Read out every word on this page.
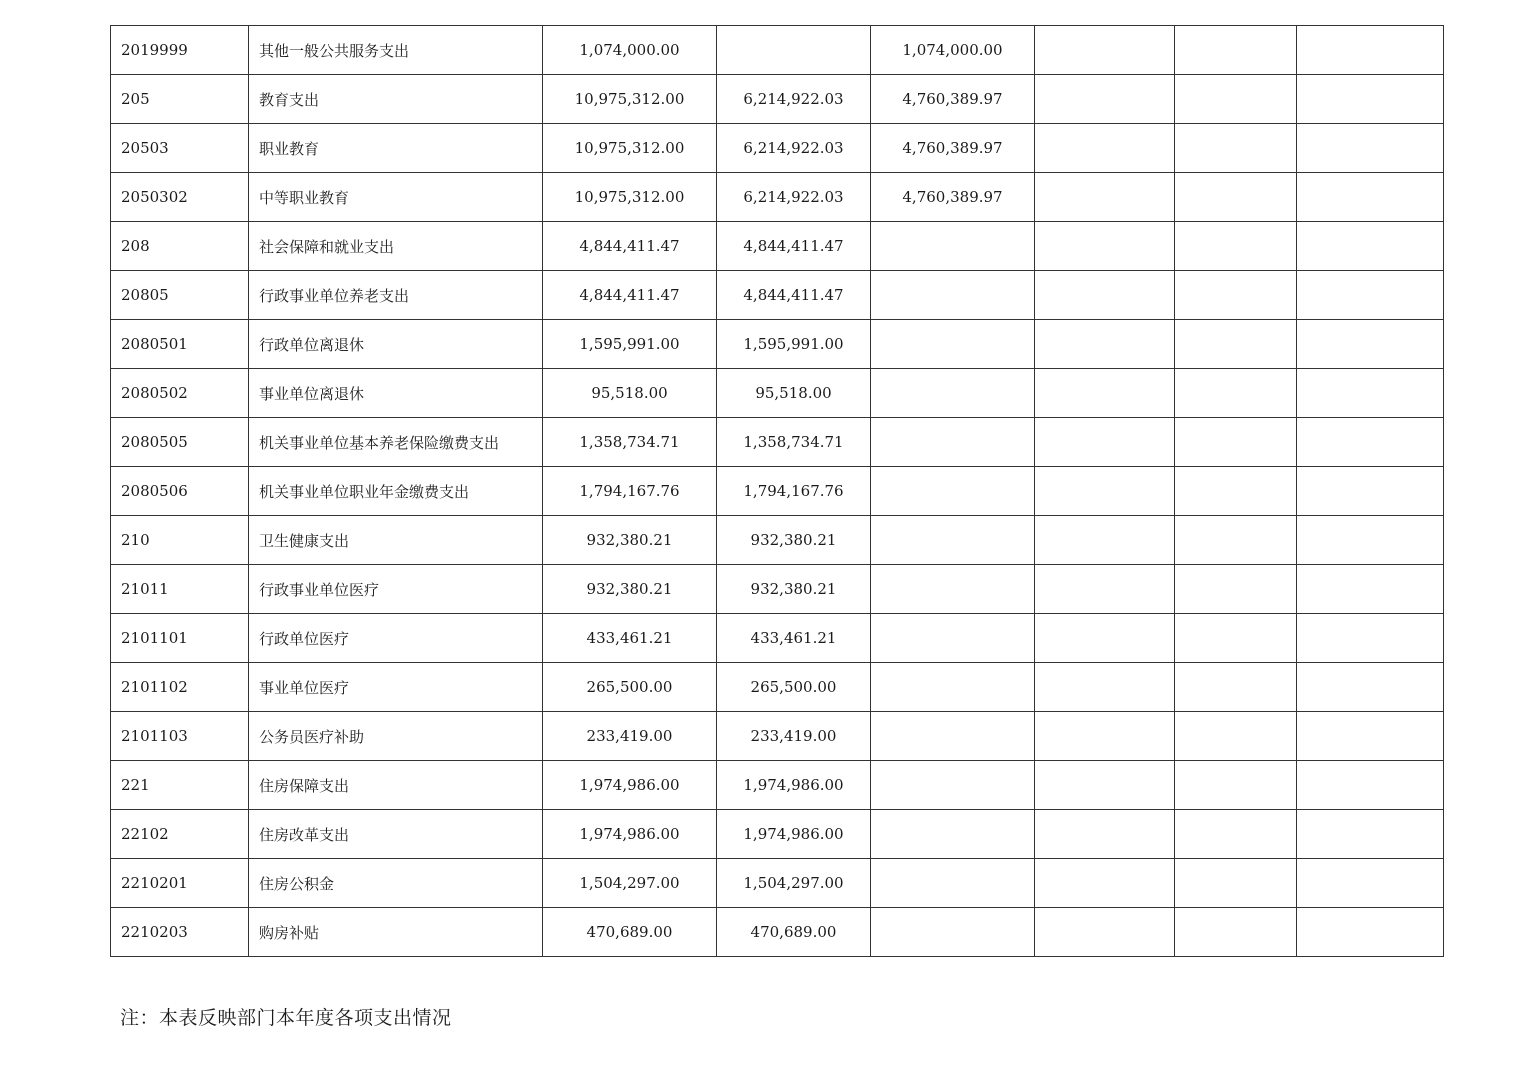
2019999	其他一般公共服务支出	1,074,000.00		1,074,000.00			
205	教育支出	10,975,312.00	6,214,922.03	4,760,389.97			
20503	职业教育	10,975,312.00	6,214,922.03	4,760,389.97			
2050302	中等职业教育	10,975,312.00	6,214,922.03	4,760,389.97			
208	社会保障和就业支出	4,844,411.47	4,844,411.47				
20805	行政事业单位养老支出	4,844,411.47	4,844,411.47				
2080501	行政单位离退休	1,595,991.00	1,595,991.00				
2080502	事业单位离退休	95,518.00	95,518.00				
2080505	机关事业单位基本养老保险缴费支出	1,358,734.71	1,358,734.71				
2080506	机关事业单位职业年金缴费支出	1,794,167.76	1,794,167.76				
210	卫生健康支出	932,380.21	932,380.21				
21011	行政事业单位医疗	932,380.21	932,380.21				
2101101	行政单位医疗	433,461.21	433,461.21				
2101102	事业单位医疗	265,500.00	265,500.00				
2101103	公务员医疗补助	233,419.00	233,419.00				
221	住房保障支出	1,974,986.00	1,974,986.00				
22102	住房改革支出	1,974,986.00	1,974,986.00				
2210201	住房公积金	1,504,297.00	1,504,297.00				
2210203	购房补贴	470,689.00	470,689.00				
注：本表反映部门本年度各项支出情况
